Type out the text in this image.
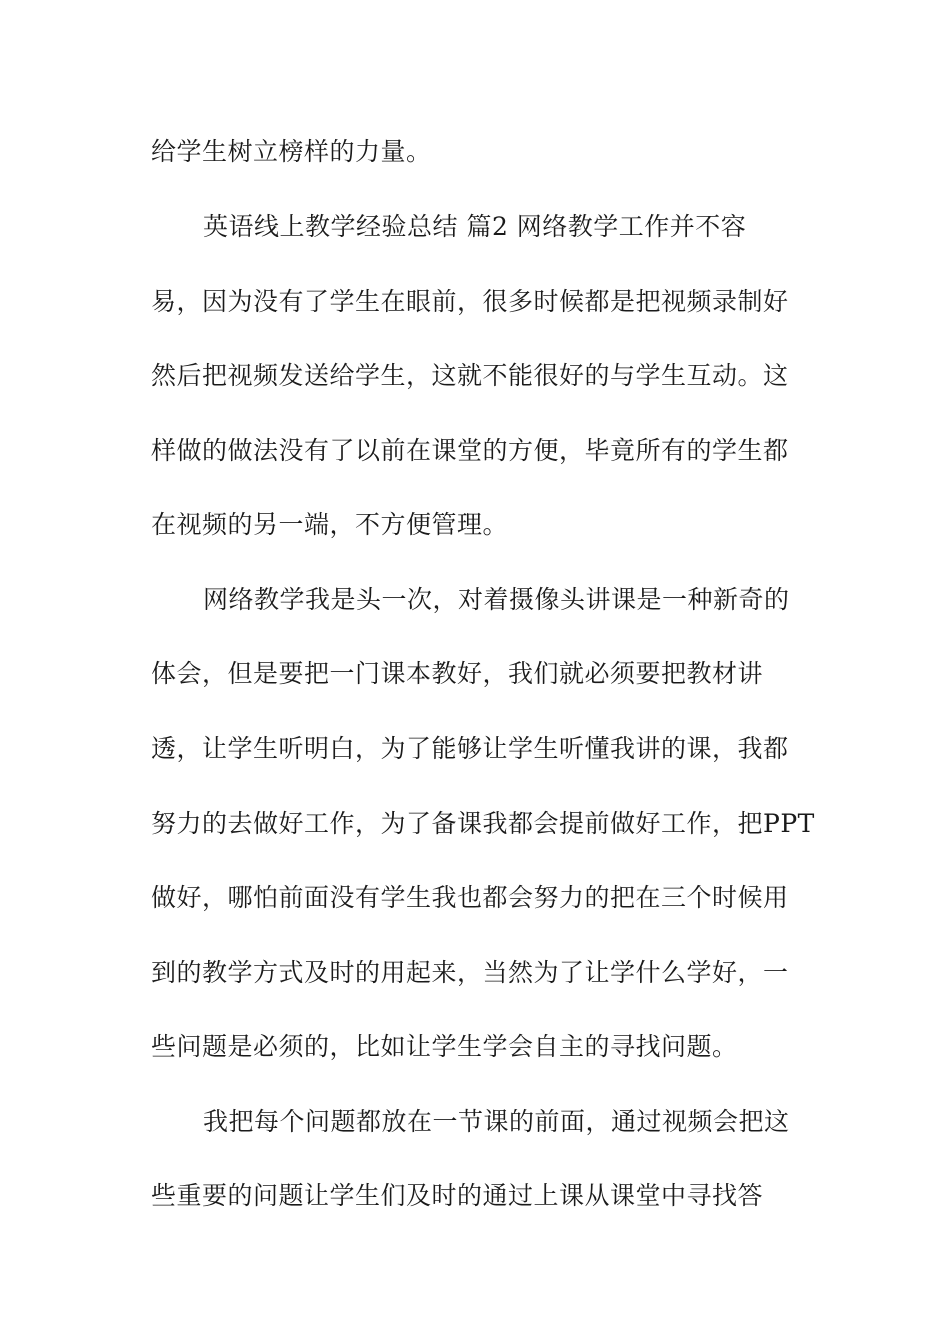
给学生树立榜样的力量。

英语线上教学经验总结 篇2 网络教学工作并不容

易，因为没有了学生在眼前，很多时候都是把视频录制好

然后把视频发送给学生，这就不能很好的与学生互动。这

样做的做法没有了以前在课堂的方便，毕竟所有的学生都

在视频的另一端，不方便管理。

网络教学我是头一次，对着摄像头讲课是一种新奇的

体会，但是要把一门课本教好，我们就必须要把教材讲

透，让学生听明白，为了能够让学生听懂我讲的课，我都

努力的去做好工作，为了备课我都会提前做好工作，把PPT

做好，哪怕前面没有学生我也都会努力的把在三个时候用

到的教学方式及时的用起来，当然为了让学什么学好，一

些问题是必须的，比如让学生学会自主的寻找问题。

我把每个问题都放在一节课的前面，通过视频会把这

些重要的问题让学生们及时的通过上课从课堂中寻找答
